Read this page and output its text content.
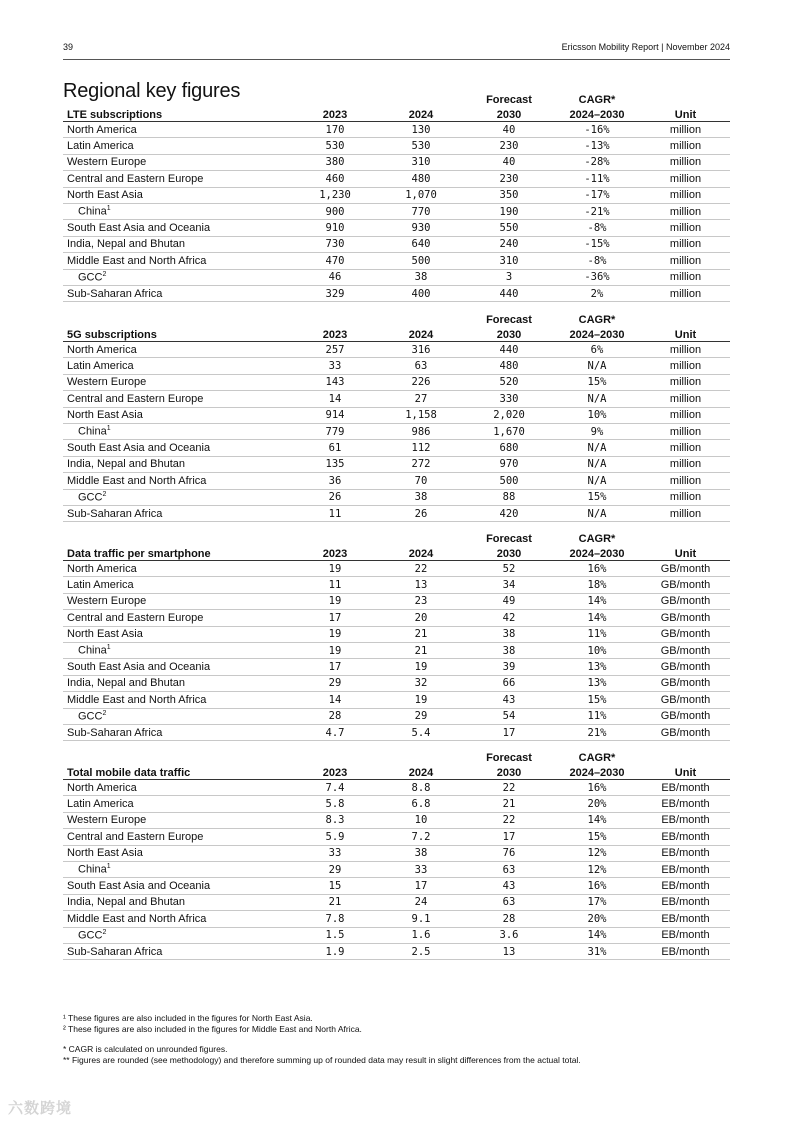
39	Ericsson Mobility Report | November 2024
Regional key figures
				Forecast	CAGR*	
LTE subscriptions	2023	2024	2030	2024–2030	Unit
North America	170	130	40	-16%	million
Latin America	530	530	230	-13%	million
Western Europe	380	310	40	-28%	million
Central and Eastern Europe	460	480	230	-11%	million
North East Asia	1,230	1,070	350	-17%	million
China$^1$	900	770	190	-21%	million
South East Asia and Oceania	910	930	550	-8%	million
India, Nepal and Bhutan	730	640	240	-15%	million
Middle East and North Africa	470	500	310	-8%	million
GCC$^2$	46	38	3	-36%	million
Sub-Saharan Africa	329	400	440	2%	million
			Forecast	CAGR*	
5G subscriptions	2023	2024	2030	2024–2030	Unit
North America	257	316	440	6%	million
Latin America	33	63	480	N/A	million
Western Europe	143	226	520	15%	million
Central and Eastern Europe	14	27	330	N/A	million
North East Asia	914	1,158	2,020	10%	million
China$^1$	779	986	1,670	9%	million
South East Asia and Oceania	61	112	680	N/A	million
India, Nepal and Bhutan	135	272	970	N/A	million
Middle East and North Africa	36	70	500	N/A	million
GCC$^2$	26	38	88	15%	million
Sub-Saharan Africa	11	26	420	N/A	million
			Forecast	CAGR*	
Data traffic per smartphone	2023	2024	2030	2024–2030	Unit
North America	19	22	52	16%	GB/month
Latin America	11	13	34	18%	GB/month
Western Europe	19	23	49	14%	GB/month
Central and Eastern Europe	17	20	42	14%	GB/month
North East Asia	19	21	38	11%	GB/month
China$^1$	19	21	38	10%	GB/month
South East Asia and Oceania	17	19	39	13%	GB/month
India, Nepal and Bhutan	29	32	66	13%	GB/month
Middle East and North Africa	14	19	43	15%	GB/month
GCC$^2$	28	29	54	11%	GB/month
Sub-Saharan Africa	4.7	5.4	17	21%	GB/month
			Forecast	CAGR*	
Total mobile data traffic	2023	2024	2030	2024–2030	Unit
North America	7.4	8.8	22	16%	EB/month
Latin America	5.8	6.8	21	20%	EB/month
Western Europe	8.3	10	22	14%	EB/month
Central and Eastern Europe	5.9	7.2	17	15%	EB/month
North East Asia	33	38	76	12%	EB/month
China$^1$	29	33	63	12%	EB/month
South East Asia and Oceania	15	17	43	16%	EB/month
India, Nepal and Bhutan	21	24	63	17%	EB/month
Middle East and North Africa	7.8	9.1	28	20%	EB/month
GCC$^2$	1.5	1.6	3.6	14%	EB/month
Sub-Saharan Africa	1.9	2.5	13	31%	EB/month

¹ These figures are also included in the figures for North East Asia.

² These figures are also included in the figures for Middle East and North Africa.

* CAGR is calculated on unrounded figures.

** Figures are rounded (see methodology) and therefore summing up of rounded data may result in slight differences from the actual total.

六数跨境
